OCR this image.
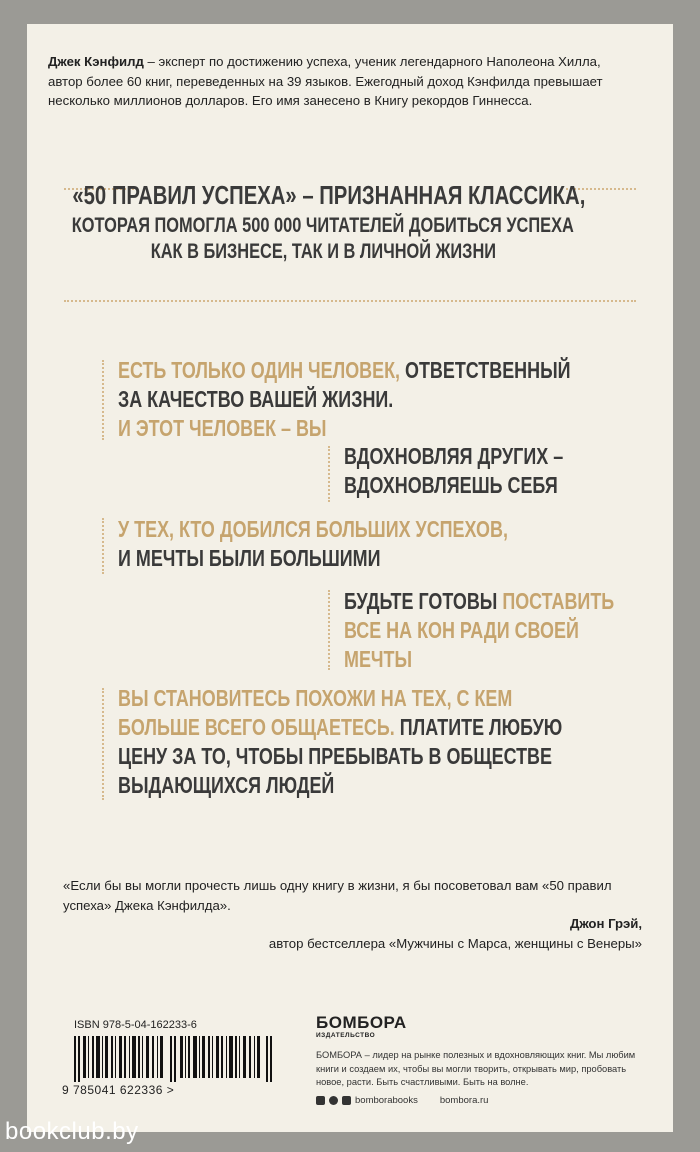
Джек Кэнфилд – эксперт по достижению успеха, ученик легендарного Наполеона Хилла, автор более 60 книг, переведенных на 39 языков. Ежегодный доход Кэнфилда превышает несколько миллионов долларов. Его имя занесено в Книгу рекордов Гиннесса.
«50 ПРАВИЛ УСПЕХА» – ПРИЗНАННАЯ КЛАССИКА,
КОТОРАЯ ПОМОГЛА 500 000 ЧИТАТЕЛЕЙ ДОБИТЬСЯ УСПЕХА
КАК В БИЗНЕСЕ, ТАК И В ЛИЧНОЙ ЖИЗНИ
ЕСТЬ ТОЛЬКО ОДИН ЧЕЛОВЕК, ОТВЕТСТВЕННЫЙ
ЗА КАЧЕСТВО ВАШЕЙ ЖИЗНИ.
И ЭТОТ ЧЕЛОВЕК – ВЫ
ВДОХНОВЛЯЯ ДРУГИХ –
ВДОХНОВЛЯЕШЬ СЕБЯ
У ТЕХ, КТО ДОБИЛСЯ БОЛЬШИХ УСПЕХОВ,
И МЕЧТЫ БЫЛИ БОЛЬШИМИ
БУДЬТЕ ГОТОВЫ ПОСТАВИТЬ
ВСЕ НА КОН РАДИ СВОЕЙ
МЕЧТЫ
ВЫ СТАНОВИТЕСЬ ПОХОЖИ НА ТЕХ, С КЕМ
БОЛЬШЕ ВСЕГО ОБЩАЕТЕСЬ. ПЛАТИТЕ ЛЮБУЮ
ЦЕНУ ЗА ТО, ЧТОБЫ ПРЕБЫВАТЬ В ОБЩЕСТВЕ
ВЫДАЮЩИХСЯ ЛЮДЕЙ
«Если бы вы могли прочесть лишь одну книгу в жизни, я бы посоветовал вам «50 правил успеха» Джека Кэнфилда».
Джон Грэй,
автор бестселлера «Мужчины с Марса, женщины с Венеры»
ISBN 978-5-04-162233-6
9 785041 622336 >
БОМБОРА
ИЗДАТЕЛЬСТВО
БОМБОРА – лидер на рынке полезных и вдохновляющих книг. Мы любим книги и создаем их, чтобы вы могли творить, открывать мир, пробовать новое, расти. Быть счастливыми. Быть на волне.
bomborabooks bombora.ru
bookclub.by
